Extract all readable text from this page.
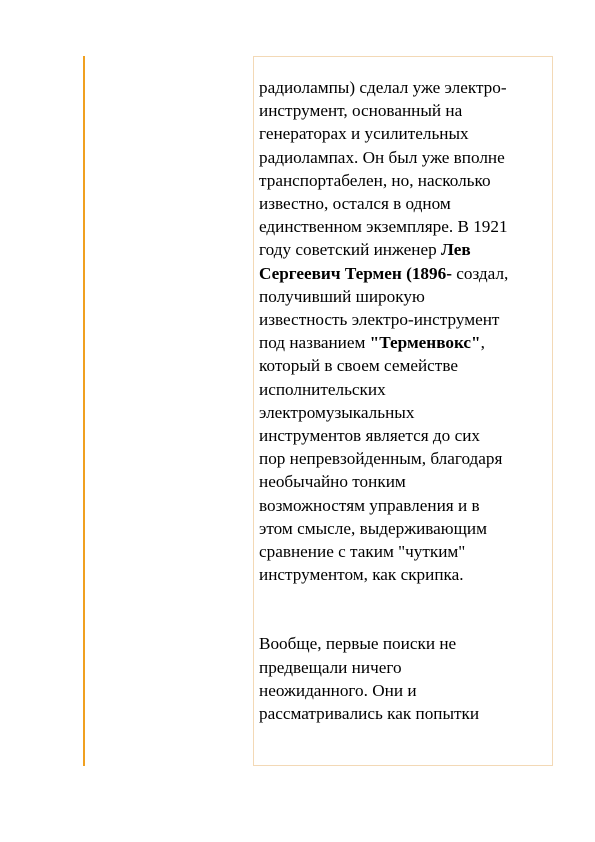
радиолампы) сделал уже электро-
инструмент, основанный на
генераторах и усилительных
радиолампах. Он был уже вполне
транспортабелен, но, насколько
известно, остался в одном
единственном экземпляре. В 1921
году советский инженер Лев
Сергеевич Термен (1896- создал,
получивший широкую
известность электро-инструмент
под названием "Терменвокс",
который в своем семействе
исполнительских
электромузыкальных
инструментов является до сих
пор непревзойденным, благодаря
необычайно тонким
возможностям управления и в
этом смысле, выдерживающим
сравнение с таким "чутким"
инструментом, как скрипка.

Вообще, первые поиски не
предвещали ничего
неожиданного. Они и
рассматривались как попытки
